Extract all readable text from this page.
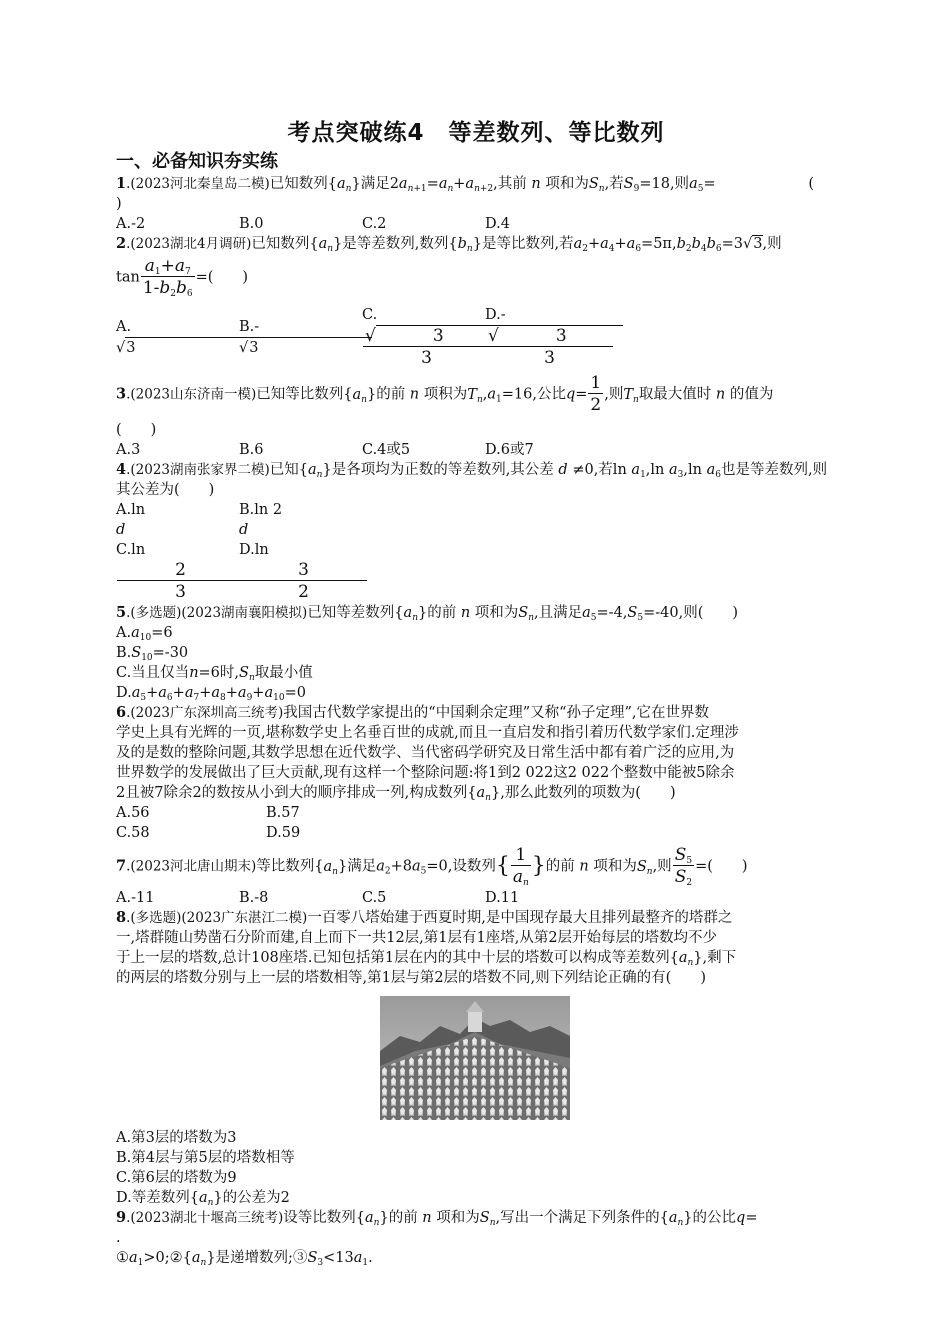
考点突破练4　等差数列、等比数列
一、必备知识夯实练

1.(2023河北秦皇岛二模)已知数列$\{a_n\}$满足$2a_{n+1}=a_n+a_{n+2}$,其前 n 项和为$S_n$,若$S_9=18$,则$a_5=$	(

)

A.-2	B.0	C.2	D.4

2.(2023湖北4月调研)已知数列$\{a_n\}$是等差数列,数列$\{b_n\}$是等比数列,若$a_2+a_4+a_6=5\pi,b_2b_4b_6=3√3$,则

$\tan \frac{a_1+a_7}{1-b_2b_6}$ =(　　)

A.√3
B.-√3
C.
√	3
3
D.-
√	3
3

3.(2023山东济南一模)已知等比数列$\{a_n\}$的前 n 项积为$T_n,a_1=16$,公比$q= \frac{1}{2}$ ,则$T_n$取最大值时 n 的值为

(　　)

A.3	B.6	C.4或5	D.6或7

4.(2023湖南张家界二模)已知$\{a_n\}$是各项均为正数的等差数列,其公差 d ≠0,若$\ln a_1,\ln$ $a_3,\ln$ $a_6$也是等差数列,则其公差为(　　)

A.lnd
B.ln 2d
C.ln
$\frac{2}{3}$
D.ln
$\frac{3}{2}$

5.(多选题)(2023湖南襄阳模拟)已知等差数列$\{a_n\}$的前 n 项和为$S_n$,且满足$a_5=-4,S_5=-40$,则(　　)

$A.a_{10}=6$

$B.S_{10}=-30$

C.当且仅当n=6时$,S_n$取最小值

$D.a_5+a_6+a_7+a_8+a_9+a_{10}=0$

6.(2023广东深圳高三统考)我国古代数学家提出的“中国剩余定理”又称“孙子定理”,它在世界数

学史上具有光辉的一页,堪称数学史上名垂百世的成就,而且一直启发和指引着历代数学家们.定理涉

及的是数的整除问题,其数学思想在近代数学、当代密码学研究及日常生活中都有着广泛的应用,为

世界数学的发展做出了巨大贡献,现有这样一个整除问题:将1到2 022这2 022个整数中能被5除余

2且被7除余2的数按从小到大的顺序排成一列,构成数列$\{a_n\}$,那么此数列的项数为(　　)

A.56	B.57
C.58	D.59

7.(2023河北唐山期末)等比数列$\{a_n\}$满足$a_2+8a_5=0$,设数列{ $\frac{1}{a_n}$ }的前 n 项和为$S_n$,则 $\frac{S_5}{S_2}$ =(　　)

A.-11	B.-8	C.5	D.11

8.(多选题)(2023广东湛江二模)一百零八塔始建于西夏时期,是中国现存最大且排列最整齐的塔群之

一,塔群随山势凿石分阶而建,自上而下一共12层,第1层有1座塔,从第2层开始每层的塔数均不少

于上一层的塔数,总计108座塔.已知包括第1层在内的其中十层的塔数可以构成等差数列$\{a_n\}$,剩下

的两层的塔数分别与上一层的塔数相等,第1层与第2层的塔数不同,则下列结论正确的有(　　)

A.第3层的塔数为3

B.第4层与第5层的塔数相等

C.第6层的塔数为9

D.等差数列$\{a_n\}$的公差为2

9.(2023湖北十堰高三统考)设等比数列$\{a_n\}$的前 n 项和为$S_n$,写出一个满足下列条件的$\{a_n\}$的公比q=

.

$①a_1>0;②\{a_n\}$是递增数列$;③S_3<13a_1$.
